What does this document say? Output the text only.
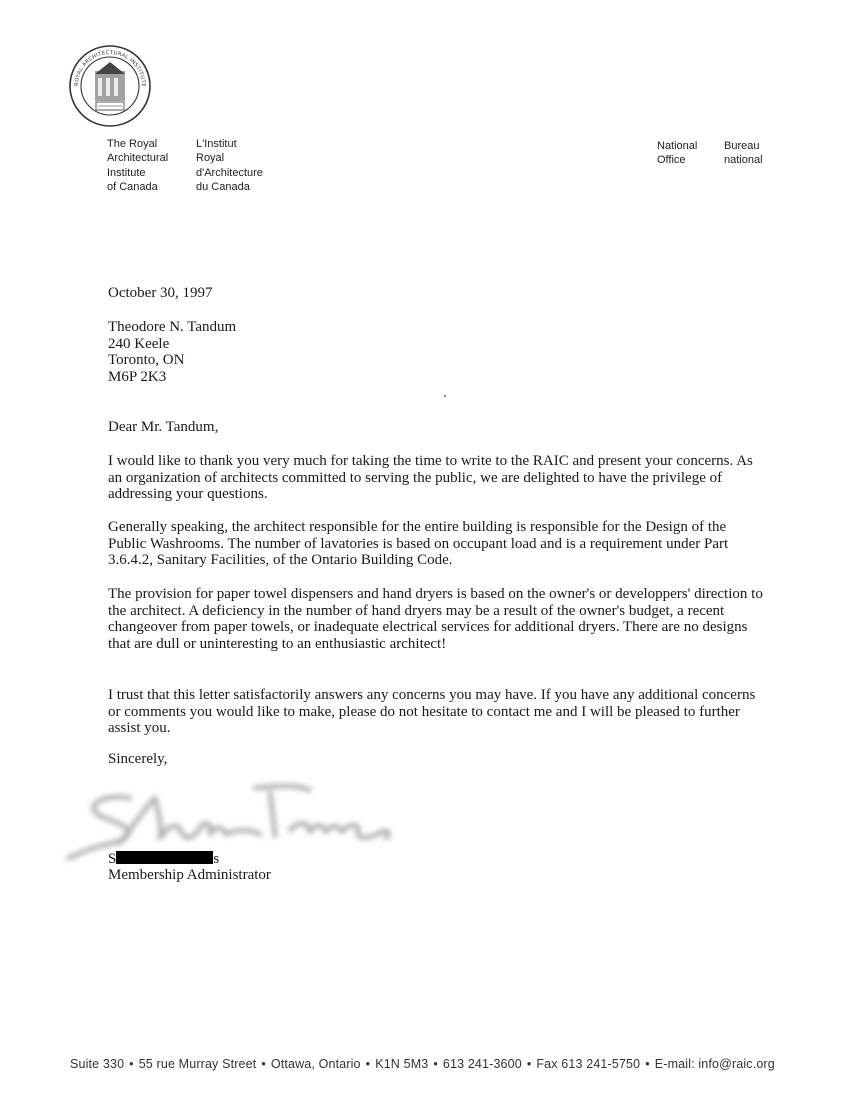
ROYAL ARCHITECTURAL INSTITUTE
The Royal
Architectural
Institute
of Canada
L'Institut
Royal
d'Architecture
du Canada
National
Office
Bureau
national
October 30, 1997
Theodore N. Tandum
240 Keele
Toronto, ON
M6P 2K3
Dear Mr. Tandum,
I would like to thank you very much for taking the time to write to the RAIC and present your concerns. As an organization of architects committed to serving the public, we are delighted to have the privilege of addressing your questions.
Generally speaking, the architect responsible for the entire building is responsible for the Design of the Public Washrooms. The number of lavatories is based on occupant load and is a requirement under Part 3.6.4.2, Sanitary Facilities, of the Ontario Building Code.
The provision for paper towel dispensers and hand dryers is based on the owner's or developpers' direction to the architect. A deficiency in the number of hand dryers may be a result of the owner's budget, a recent changeover from paper towels, or inadequate electrical services for additional dryers. There are no designs that are dull or uninteresting to an enthusiastic architect!
I trust that this letter satisfactorily answers any concerns you may have. If you have any additional concerns or comments you would like to make, please do not hesitate to contact me and I will be pleased to further assist you.
Sincerely,
S	s
Membership Administrator
Suite 330 • 55 rue Murray Street • Ottawa, Ontario • K1N 5M3 • 613 241-3600 • Fax 613 241-5750 • E-mail: info@raic.org
